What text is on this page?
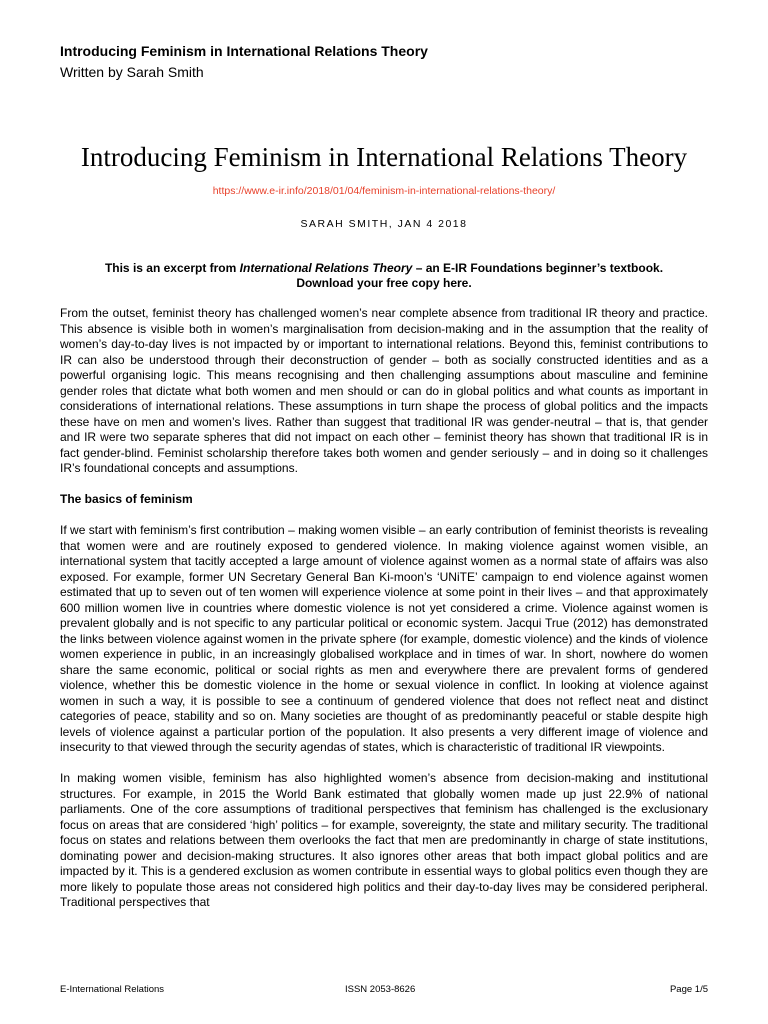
Introducing Feminism in International Relations Theory
Written by Sarah Smith
Introducing Feminism in International Relations Theory
https://www.e-ir.info/2018/01/04/feminism-in-international-relations-theory/
SARAH SMITH, JAN 4 2018
This is an excerpt from International Relations Theory – an E-IR Foundations beginner’s textbook.
Download your free copy here.

From the outset, feminist theory has challenged women’s near complete absence from traditional IR theory and practice. This absence is visible both in women’s marginalisation from decision-making and in the assumption that the reality of women’s day-to-day lives is not impacted by or important to international relations. Beyond this, feminist contributions to IR can also be understood through their deconstruction of gender – both as socially constructed identities and as a powerful organising logic. This means recognising and then challenging assumptions about masculine and feminine gender roles that dictate what both women and men should or can do in global politics and what counts as important in considerations of international relations. These assumptions in turn shape the process of global politics and the impacts these have on men and women’s lives. Rather than suggest that traditional IR was gender-neutral – that is, that gender and IR were two separate spheres that did not impact on each other – feminist theory has shown that traditional IR is in fact gender-blind. Feminist scholarship therefore takes both women and gender seriously – and in doing so it challenges IR’s foundational concepts and assumptions.

The basics of feminism

If we start with feminism’s first contribution – making women visible – an early contribution of feminist theorists is revealing that women were and are routinely exposed to gendered violence. In making violence against women visible, an international system that tacitly accepted a large amount of violence against women as a normal state of affairs was also exposed. For example, former UN Secretary General Ban Ki-moon’s ‘UNiTE’ campaign to end violence against women estimated that up to seven out of ten women will experience violence at some point in their lives – and that approximately 600 million women live in countries where domestic violence is not yet considered a crime. Violence against women is prevalent globally and is not specific to any particular political or economic system. Jacqui True (2012) has demonstrated the links between violence against women in the private sphere (for example, domestic violence) and the kinds of violence women experience in public, in an increasingly globalised workplace and in times of war. In short, nowhere do women share the same economic, political or social rights as men and everywhere there are prevalent forms of gendered violence, whether this be domestic violence in the home or sexual violence in conflict. In looking at violence against women in such a way, it is possible to see a continuum of gendered violence that does not reflect neat and distinct categories of peace, stability and so on. Many societies are thought of as predominantly peaceful or stable despite high levels of violence against a particular portion of the population. It also presents a very different image of violence and insecurity to that viewed through the security agendas of states, which is characteristic of traditional IR viewpoints.

In making women visible, feminism has also highlighted women’s absence from decision-making and institutional structures. For example, in 2015 the World Bank estimated that globally women made up just 22.9% of national parliaments. One of the core assumptions of traditional perspectives that feminism has challenged is the exclusionary focus on areas that are considered ‘high’ politics – for example, sovereignty, the state and military security. The traditional focus on states and relations between them overlooks the fact that men are predominantly in charge of state institutions, dominating power and decision-making structures. It also ignores other areas that both impact global politics and are impacted by it. This is a gendered exclusion as women contribute in essential ways to global politics even though they are more likely to populate those areas not considered high politics and their day-to-day lives may be considered peripheral. Traditional perspectives that

E-International Relations	ISSN 2053-8626	Page 1/5
